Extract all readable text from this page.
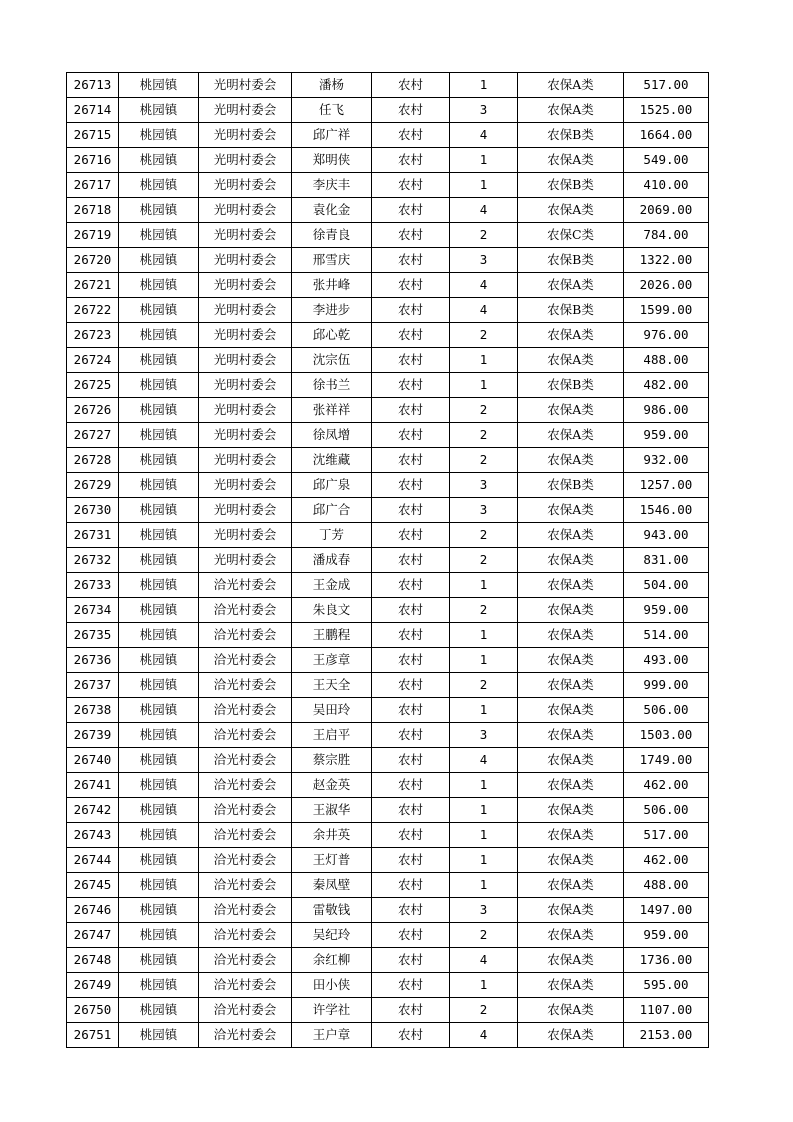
26713	桃园镇	光明村委会	潘杨	农村	1	农保A类	517.00
26714	桃园镇	光明村委会	任飞	农村	3	农保A类	1525.00
26715	桃园镇	光明村委会	邱广祥	农村	4	农保B类	1664.00
26716	桃园镇	光明村委会	郑明侠	农村	1	农保A类	549.00
26717	桃园镇	光明村委会	李庆丰	农村	1	农保B类	410.00
26718	桃园镇	光明村委会	袁化金	农村	4	农保A类	2069.00
26719	桃园镇	光明村委会	徐青良	农村	2	农保C类	784.00
26720	桃园镇	光明村委会	邢雪庆	农村	3	农保B类	1322.00
26721	桃园镇	光明村委会	张井峰	农村	4	农保A类	2026.00
26722	桃园镇	光明村委会	李进步	农村	4	农保B类	1599.00
26723	桃园镇	光明村委会	邱心乾	农村	2	农保A类	976.00
26724	桃园镇	光明村委会	沈宗伍	农村	1	农保A类	488.00
26725	桃园镇	光明村委会	徐书兰	农村	1	农保B类	482.00
26726	桃园镇	光明村委会	张祥祥	农村	2	农保A类	986.00
26727	桃园镇	光明村委会	徐凤增	农村	2	农保A类	959.00
26728	桃园镇	光明村委会	沈维藏	农村	2	农保A类	932.00
26729	桃园镇	光明村委会	邱广泉	农村	3	农保B类	1257.00
26730	桃园镇	光明村委会	邱广合	农村	3	农保A类	1546.00
26731	桃园镇	光明村委会	丁芳	农村	2	农保A类	943.00
26732	桃园镇	光明村委会	潘成春	农村	2	农保A类	831.00
26733	桃园镇	洽光村委会	王金成	农村	1	农保A类	504.00
26734	桃园镇	洽光村委会	朱良文	农村	2	农保A类	959.00
26735	桃园镇	洽光村委会	王鹏程	农村	1	农保A类	514.00
26736	桃园镇	洽光村委会	王彦章	农村	1	农保A类	493.00
26737	桃园镇	洽光村委会	王天全	农村	2	农保A类	999.00
26738	桃园镇	洽光村委会	吴田玲	农村	1	农保A类	506.00
26739	桃园镇	洽光村委会	王启平	农村	3	农保A类	1503.00
26740	桃园镇	洽光村委会	蔡宗胜	农村	4	农保A类	1749.00
26741	桃园镇	洽光村委会	赵金英	农村	1	农保A类	462.00
26742	桃园镇	洽光村委会	王淑华	农村	1	农保A类	506.00
26743	桃园镇	洽光村委会	余井英	农村	1	农保A类	517.00
26744	桃园镇	洽光村委会	王灯普	农村	1	农保A类	462.00
26745	桃园镇	洽光村委会	秦凤壁	农村	1	农保A类	488.00
26746	桃园镇	洽光村委会	雷敬钱	农村	3	农保A类	1497.00
26747	桃园镇	洽光村委会	吴纪玲	农村	2	农保A类	959.00
26748	桃园镇	洽光村委会	余红柳	农村	4	农保A类	1736.00
26749	桃园镇	洽光村委会	田小侠	农村	1	农保A类	595.00
26750	桃园镇	洽光村委会	许学社	农村	2	农保A类	1107.00
26751	桃园镇	洽光村委会	王户章	农村	4	农保A类	2153.00
